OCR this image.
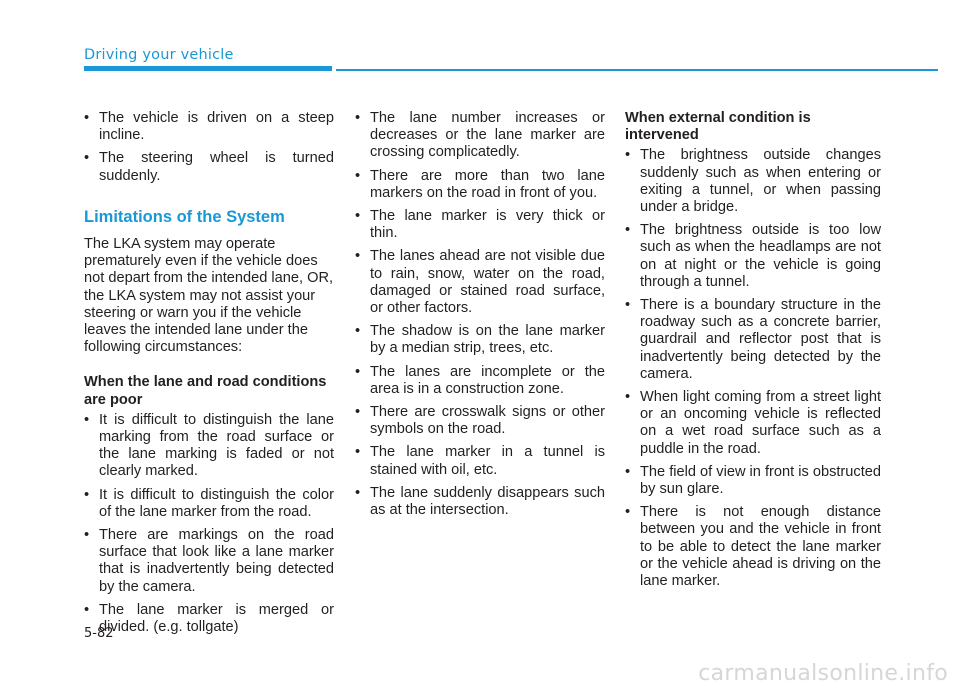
Driving your vehicle
• The vehicle is driven on a steep incline.
• The steering wheel is turned suddenly.
Limitations of the System

The LKA system may operate prematurely even if the vehicle does not depart from the intended lane, OR, the LKA system may not assist your steering or warn you if the vehicle leaves the intended lane under the following circumstances:

When the lane and road conditions are poor
• It is difficult to distinguish the lane marking from the road surface or the lane marking is faded or not clearly marked.
• It is difficult to distinguish the color of the lane marker from the road.
• There are markings on the road surface that look like a lane marker that is inadvertently being detected by the camera.
• The lane marker is merged or divided. (e.g. tollgate)
• The lane number increases or decreases or the lane marker are crossing complicatedly.
• There are more than two lane markers on the road in front of you.
• The lane marker is very thick or thin.
• The lanes ahead are not visible due to rain, snow, water on the road, damaged or stained road surface, or other factors.
• The shadow is on the lane marker by a median strip, trees, etc.
• The lanes are incomplete or the area is in a construction zone.
• There are crosswalk signs or other symbols on the road.
• The lane marker in a tunnel is stained with oil, etc.
• The lane suddenly disappears such as at the intersection.
When external condition is intervened
• The brightness outside changes suddenly such as when entering or exiting a tunnel, or when passing under a bridge.
• The brightness outside is too low such as when the headlamps are not on at night or the vehicle is going through a tunnel.
• There is a boundary structure in the roadway such as a concrete barrier, guardrail and reflector post that is inadvertently being detected by the camera.
• When light coming from a street light or an oncoming vehicle is reflected on a wet road surface such as a puddle in the road.
• The field of view in front is obstructed by sun glare.
• There is not enough distance between you and the vehicle in front to be able to detect the lane marker or the vehicle ahead is driving on the lane marker.
5-82
carmanualsonline.info
